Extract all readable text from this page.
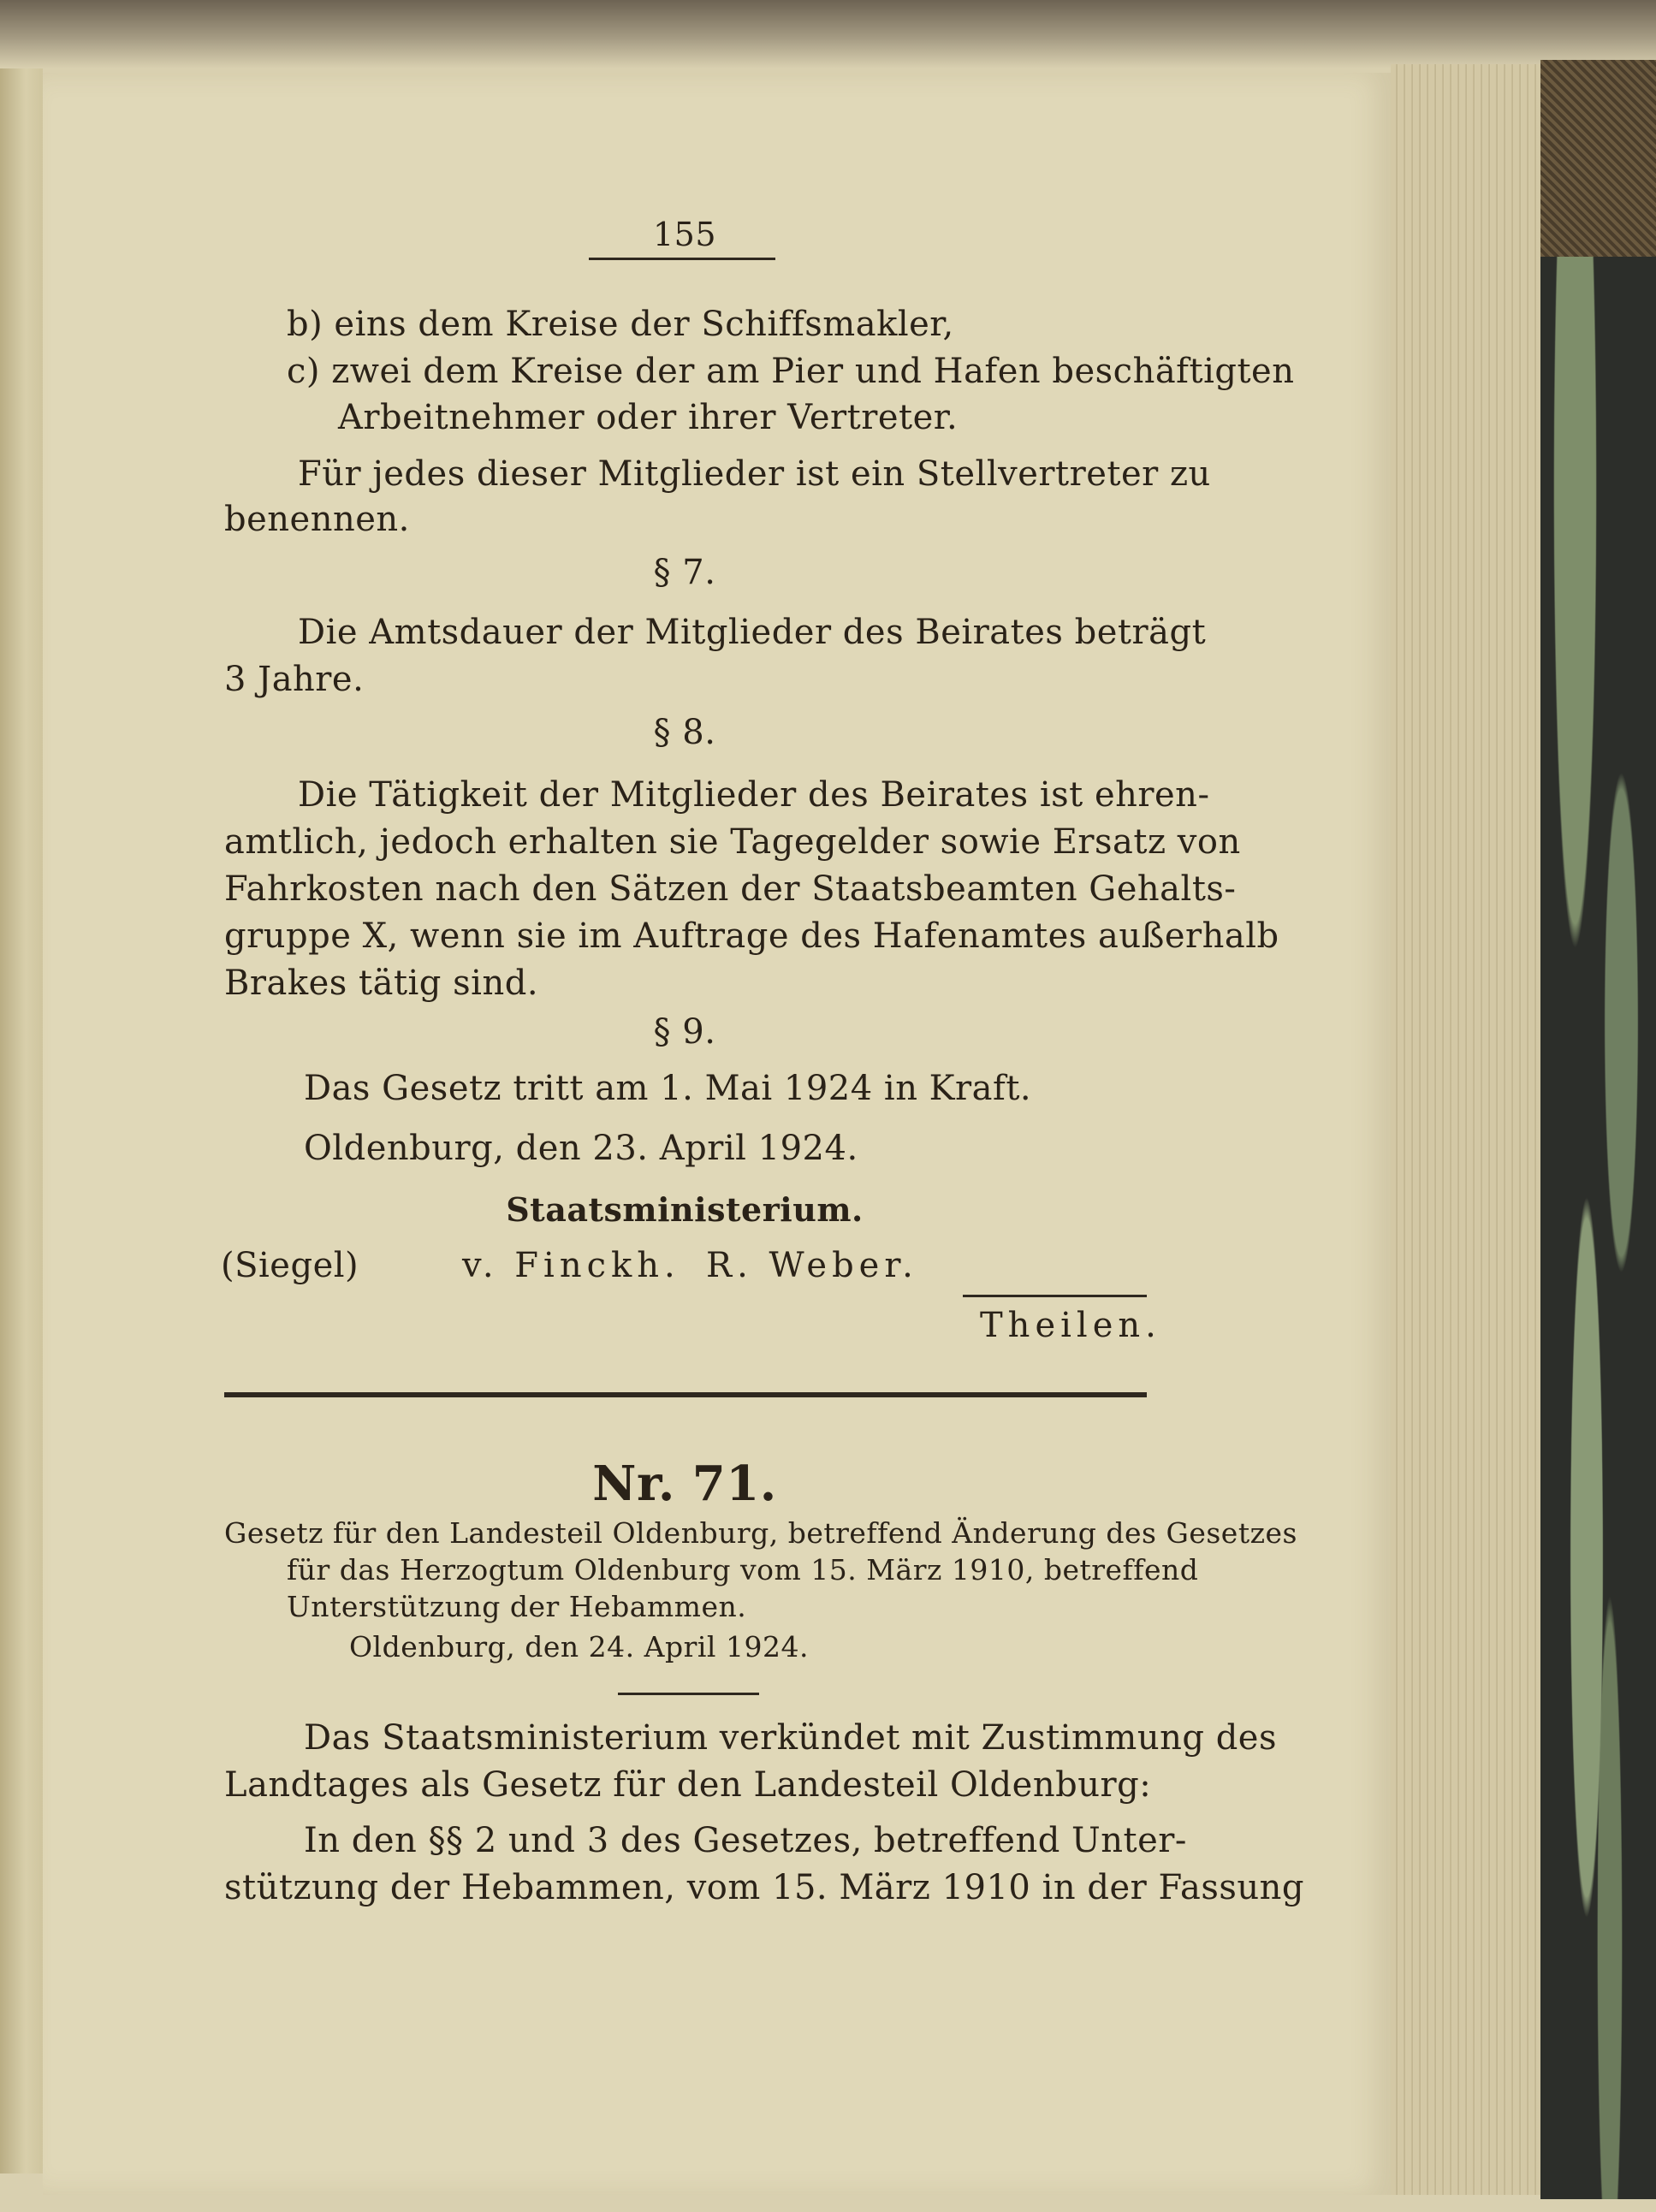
155
b) eins dem Kreise der Schiffsmakler,
c) zwei dem Kreise der am Pier und Hafen beschäftigten
Arbeitnehmer oder ihrer Vertreter.
Für jedes dieser Mitglieder ist ein Stellvertreter zu
benennen.
§ 7.
Die Amtsdauer der Mitglieder des Beirates beträgt
3 Jahre.
§ 8.
Die Tätigkeit der Mitglieder des Beirates ist ehren-
amtlich, jedoch erhalten sie Tagegelder sowie Ersatz von
Fahrkosten nach den Sätzen der Staatsbeamten Gehalts-
gruppe X, wenn sie im Auftrage des Hafenamtes außerhalb
Brakes tätig sind.
§ 9.
Das Gesetz tritt am 1. Mai 1924 in Kraft.
Oldenburg, den 23. April 1924.
Staatsministerium.
(Siegel)	v. Finckh. R. Weber.
Theilen.
Nr. 71.
Gesetz für den Landesteil Oldenburg, betreffend Änderung des Gesetzes
für das Herzogtum Oldenburg vom 15. März 1910, betreffend
Unterstützung der Hebammen.
Oldenburg, den 24. April 1924.
Das Staatsministerium verkündet mit Zustimmung des
Landtages als Gesetz für den Landesteil Oldenburg:
In den §§ 2 und 3 des Gesetzes, betreffend Unter-
stützung der Hebammen, vom 15. März 1910 in der Fassung
